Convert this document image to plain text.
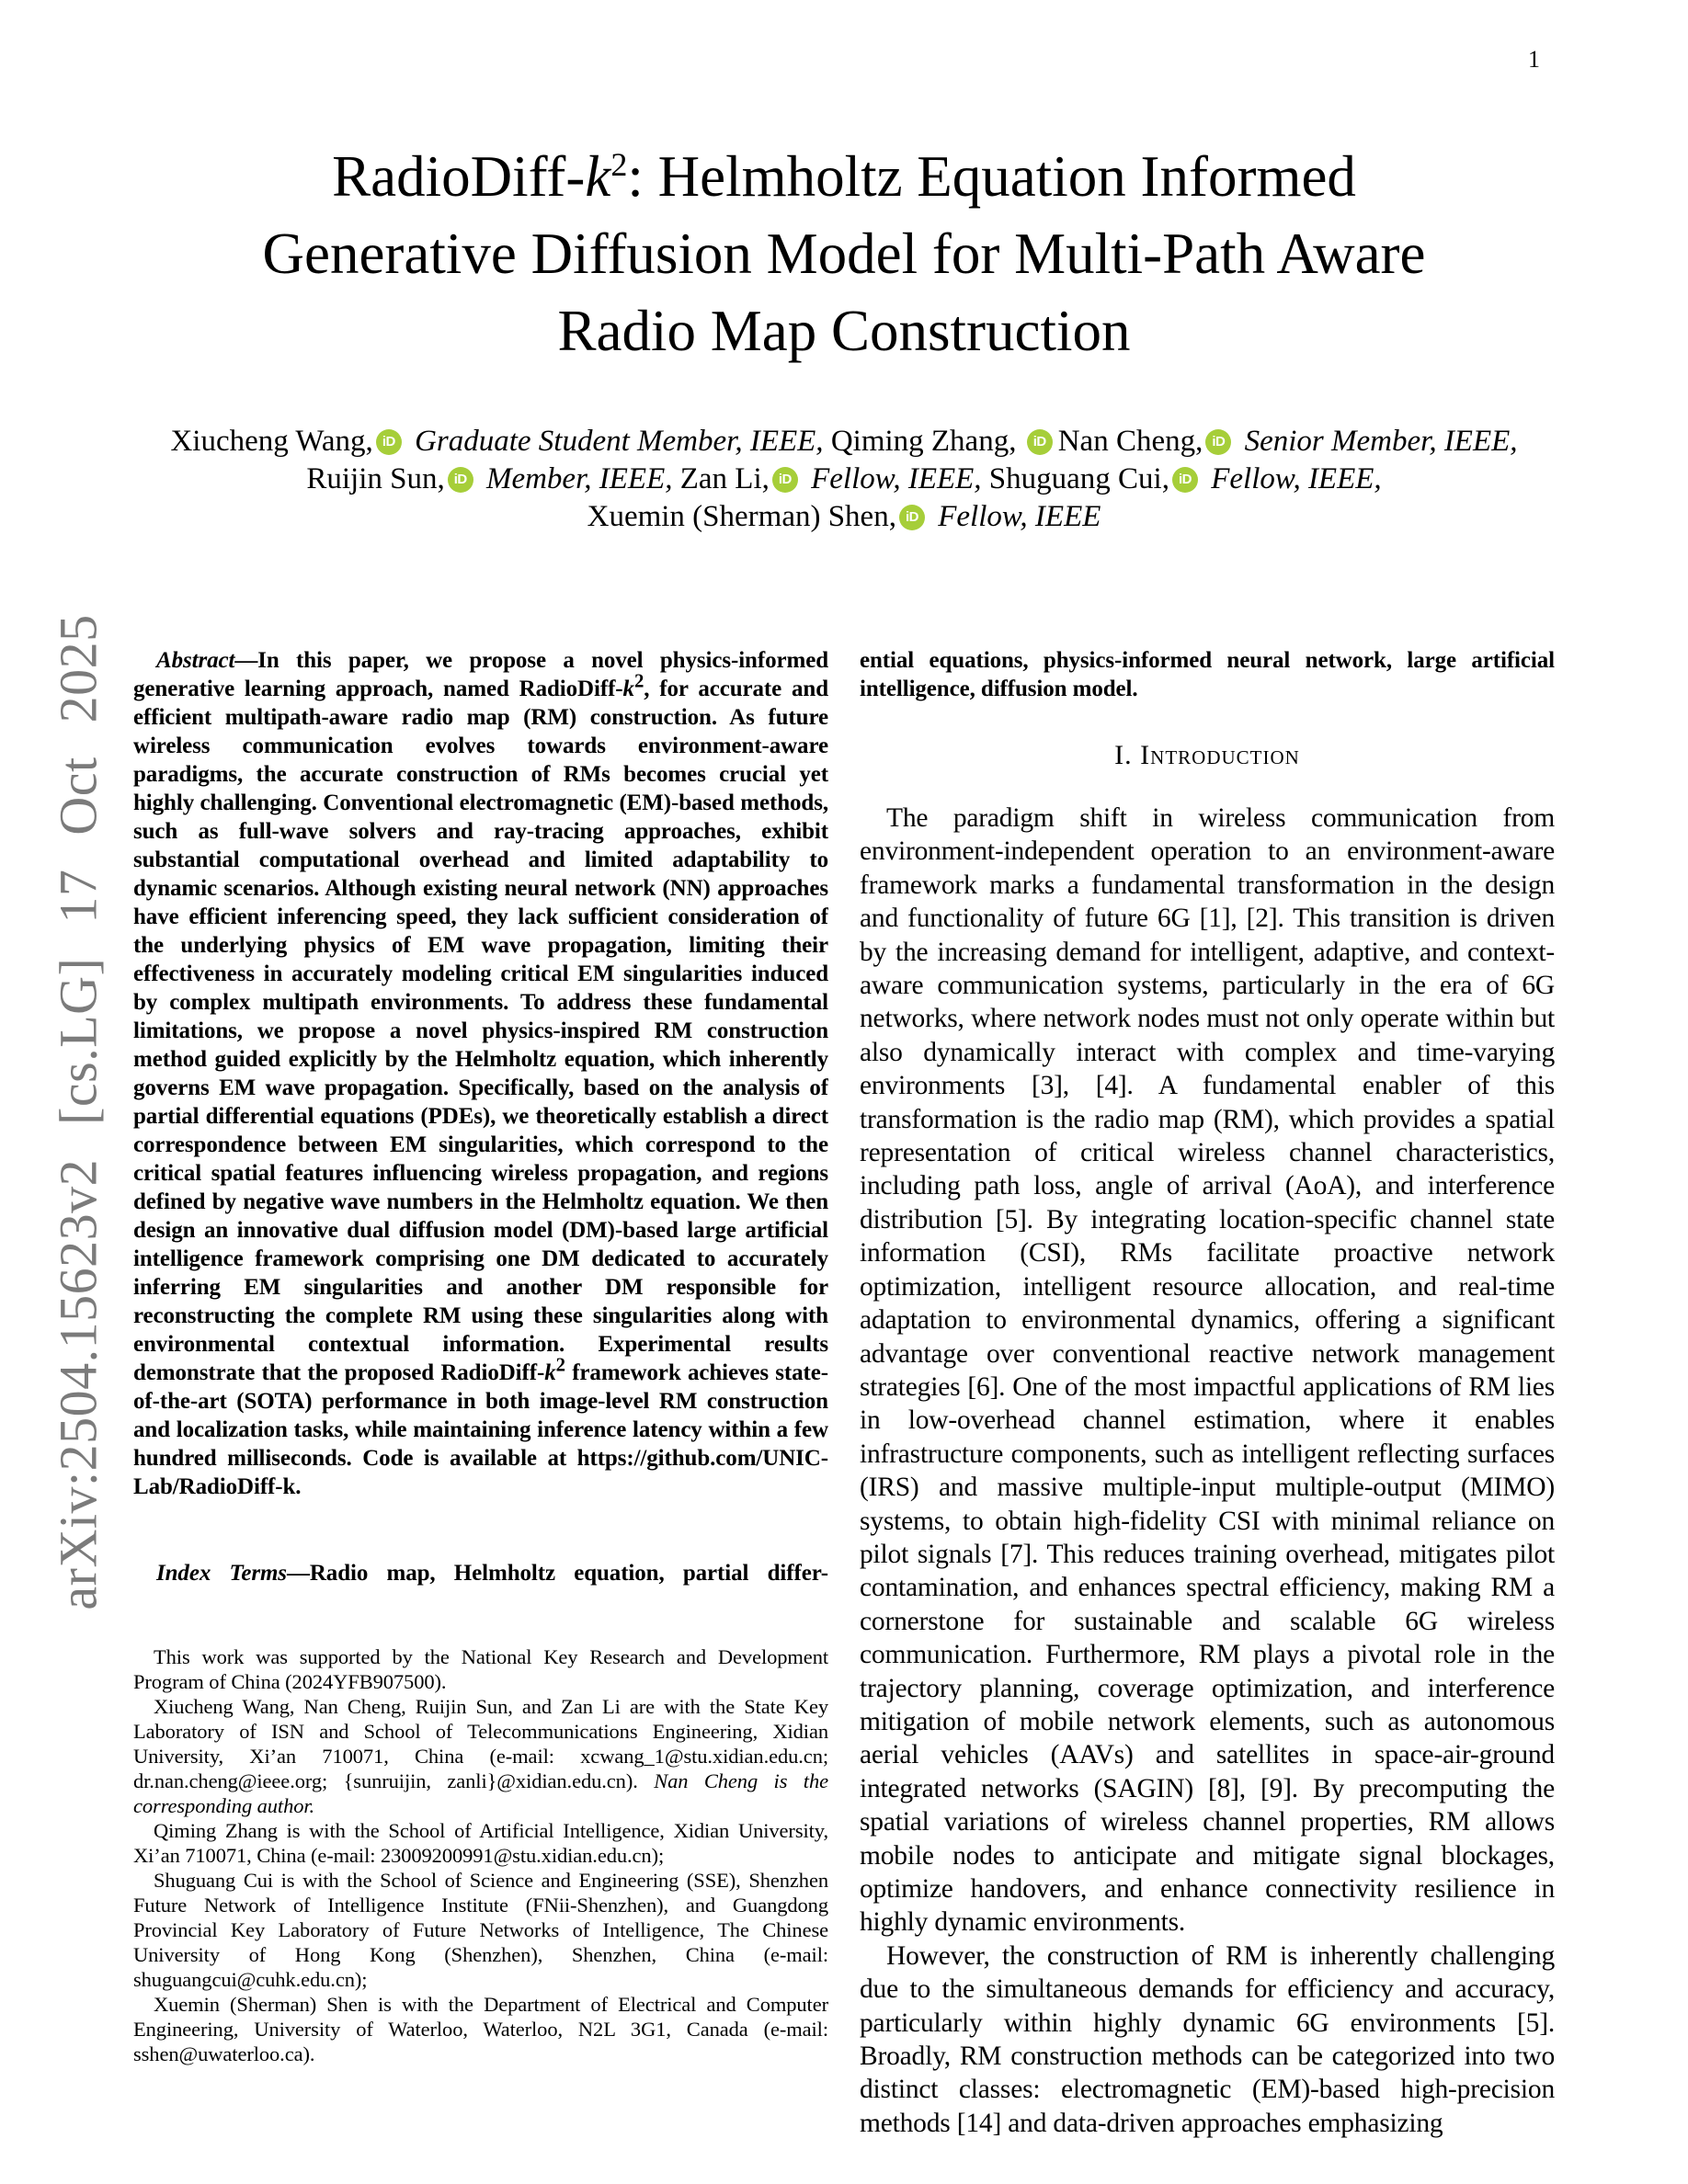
1
arXiv:2504.15623v2 [cs.LG] 17 Oct 2025
RadioDiff-$k^2$: Helmholtz Equation Informed
Generative Diffusion Model for Multi-Path Aware
Radio Map Construction
Xiucheng Wang, iD Graduate Student Member, IEEE, Qiming Zhang, iD Nan Cheng, iD Senior Member, IEEE,
Ruijin Sun, iD Member, IEEE, Zan Li, iD Fellow, IEEE, Shuguang Cui, iD Fellow, IEEE,
Xuemin (Sherman) Shen, iD Fellow, IEEE

Abstract—In this paper, we propose a novel physics-informed generative learning approach, named RadioDiff-$k^2$, for accurate and efficient multipath-aware radio map (RM) construction. As future wireless communication evolves towards environment-aware paradigms, the accurate construction of RMs becomes crucial yet highly challenging. Conventional electromagnetic (EM)-based methods, such as full-wave solvers and ray-tracing approaches, exhibit substantial computational overhead and limited adaptability to dynamic scenarios. Although existing neural network (NN) approaches have efficient inferencing speed, they lack sufficient consideration of the underlying physics of EM wave propagation, limiting their effectiveness in accurately modeling critical EM singularities induced by complex multipath environments. To address these fundamental limitations, we propose a novel physics-inspired RM construction method guided explicitly by the Helmholtz equation, which inherently governs EM wave propagation. Specifically, based on the analysis of partial differential equations (PDEs), we theoretically establish a direct correspondence between EM singularities, which correspond to the critical spatial features influencing wireless propagation, and regions defined by negative wave numbers in the Helmholtz equation. We then design an innovative dual diffusion model (DM)-based large artificial intelligence framework comprising one DM dedicated to accurately inferring EM singularities and another DM responsible for reconstructing the complete RM using these singularities along with environmental contextual information. Experimental results demonstrate that the proposed RadioDiff-$k^2$ framework achieves state-of-the-art (SOTA) performance in both image-level RM construction and localization tasks, while maintaining inference latency within a few hundred milliseconds. Code is available at https://github.com/UNIC-Lab/RadioDiff-k.

Index Terms—Radio map, Helmholtz equation, partial differ-

ential equations, physics-informed neural network, large artificial intelligence, diffusion model.

I. Introduction

The paradigm shift in wireless communication from environment-independent operation to an environment-aware framework marks a fundamental transformation in the design and functionality of future 6G [1], [2]. This transition is driven by the increasing demand for intelligent, adaptive, and context-aware communication systems, particularly in the era of 6G networks, where network nodes must not only operate within but also dynamically interact with complex and time-varying environments [3], [4]. A fundamental enabler of this transformation is the radio map (RM), which provides a spatial representation of critical wireless channel characteristics, including path loss, angle of arrival (AoA), and interference distribution [5]. By integrating location-specific channel state information (CSI), RMs facilitate proactive network optimization, intelligent resource allocation, and real-time adaptation to environmental dynamics, offering a significant advantage over conventional reactive network management strategies [6]. One of the most impactful applications of RM lies in low-overhead channel estimation, where it enables infrastructure components, such as intelligent reflecting surfaces (IRS) and massive multiple-input multiple-output (MIMO) systems, to obtain high-fidelity CSI with minimal reliance on pilot signals [7]. This reduces training overhead, mitigates pilot contamination, and enhances spectral efficiency, making RM a cornerstone for sustainable and scalable 6G wireless communication. Furthermore, RM plays a pivotal role in the trajectory planning, coverage optimization, and interference mitigation of mobile network elements, such as autonomous aerial vehicles (AAVs) and satellites in space-air-ground integrated networks (SAGIN) [8], [9]. By precomputing the spatial variations of wireless channel properties, RM allows mobile nodes to anticipate and mitigate signal blockages, optimize handovers, and enhance connectivity resilience in highly dynamic environments.

However, the construction of RM is inherently challenging due to the simultaneous demands for efficiency and accuracy, particularly within highly dynamic 6G environments [5]. Broadly, RM construction methods can be categorized into two distinct classes: electromagnetic (EM)-based high-precision methods [14] and data-driven approaches emphasizing

This work was supported by the National Key Research and Development Program of China (2024YFB907500).

Xiucheng Wang, Nan Cheng, Ruijin Sun, and Zan Li are with the State Key Laboratory of ISN and School of Telecommunications Engineering, Xidian University, Xi’an 710071, China (e-mail: xcwang_1@stu.xidian.edu.cn; dr.nan.cheng@ieee.org; {sunruijin, zanli}@xidian.edu.cn). Nan Cheng is the corresponding author.

Qiming Zhang is with the School of Artificial Intelligence, Xidian University, Xi’an 710071, China (e-mail: 23009200991@stu.xidian.edu.cn);

Shuguang Cui is with the School of Science and Engineering (SSE), Shenzhen Future Network of Intelligence Institute (FNii-Shenzhen), and Guangdong Provincial Key Laboratory of Future Networks of Intelligence, The Chinese University of Hong Kong (Shenzhen), Shenzhen, China (e-mail: shuguangcui@cuhk.edu.cn);

Xuemin (Sherman) Shen is with the Department of Electrical and Computer Engineering, University of Waterloo, Waterloo, N2L 3G1, Canada (e-mail: sshen@uwaterloo.ca).
